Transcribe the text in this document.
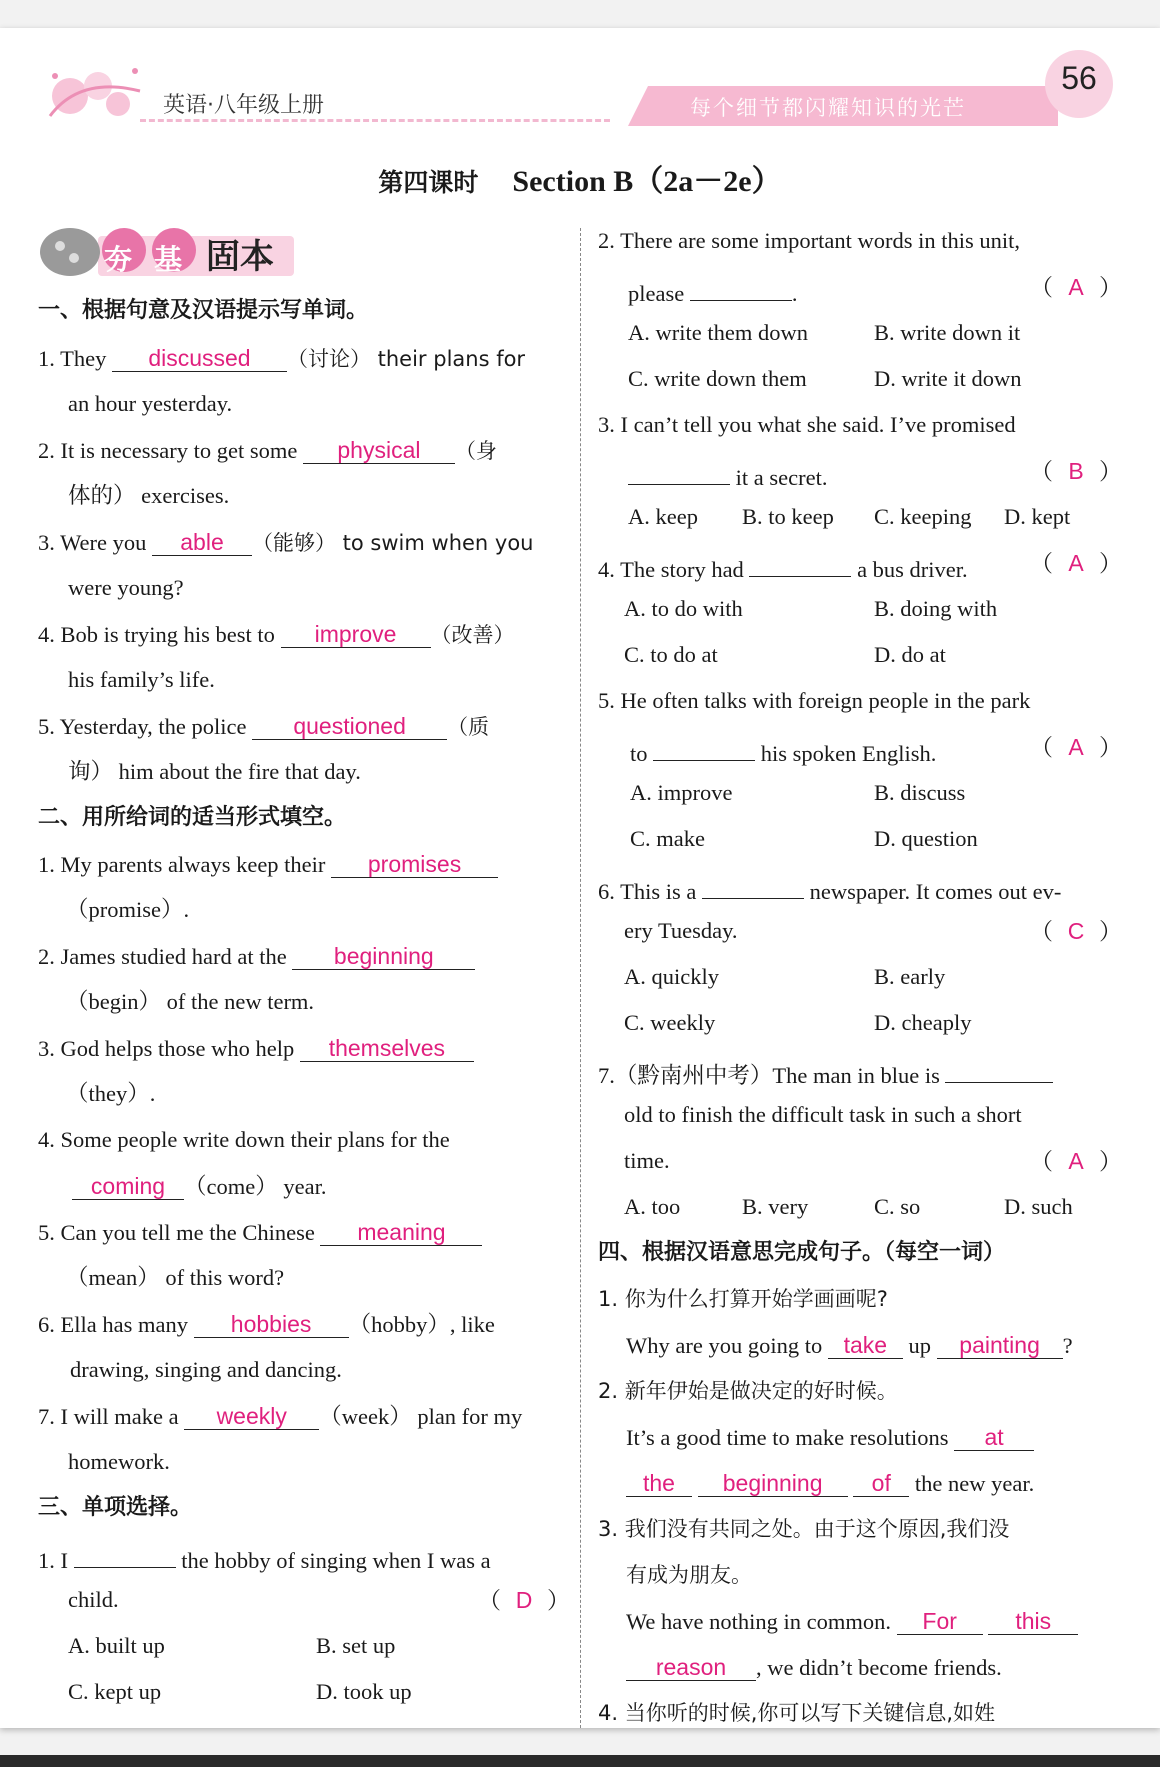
英语·八年级上册	每个细节都闪耀知识的光芒
56
第四课时 Section B（2a－2e）
夯 基 固本
一、根据句意及汉语提示写单词。
1. They discussed （讨论） their plans for
an hour yesterday.
2. It is necessary to get some physical （身
体的） exercises.
3. Were you able （能够） to swim when you
were young?
4. Bob is trying his best to improve （改善）
his family’s life.
5. Yesterday, the police questioned （质
询） him about the fire that day.
二、用所给词的适当形式填空。
1. My parents always keep their promises
（promise）.
2. James studied hard at the beginning
（begin） of the new term.
3. God helps those who help themselves
（they）.
4. Some people write down their plans for the
coming （come） year.
5. Can you tell me the Chinese meaning
（mean） of this word?
6. Ella has many hobbies （hobby）, like
drawing, singing and dancing.
7. I will make a weekly （week） plan for my
homework.
三、单项选择。
1. I	the hobby of singing when I was a
child.	（ D ）
A. built up	B. set up
C. kept up	D. took up
2. There are some important words in this unit,
please	.	（ A ）
A. write them down	B. write down it
C. write down them	D. write it down
3. I can’t tell you what she said. I’ve promised
it a secret.	（ B ）
A. keep B. to keep C. keeping D. kept
4. The story had	a bus driver.	（ A ）
A. to do with	B. doing with
C. to do at	D. do at
5. He often talks with foreign people in the park
to	his spoken English.	（ A ）
A. improve	B. discuss
C. make	D. question
6. This is a	newspaper. It comes out ev-
ery Tuesday.	（ C ）
A. quickly	B. early
C. weekly	D. cheaply
7.（黔南州中考）The man in blue is
old to finish the difficult task in such a short
time.	（ A ）
A. too	B. very	C. so	D. such
四、根据汉语意思完成句子。（每空一词）
1. 你为什么打算开始学画画呢?
Why are you going to take up painting ?
2. 新年伊始是做决定的好时候。
It’s a good time to make resolutions at
the beginning of the new year.
3. 我们没有共同之处。由于这个原因,我们没
有成为朋友。
We have nothing in common. For	this
reason , we didn’t become friends.
4. 当你听的时候,你可以写下关键信息,如姓
